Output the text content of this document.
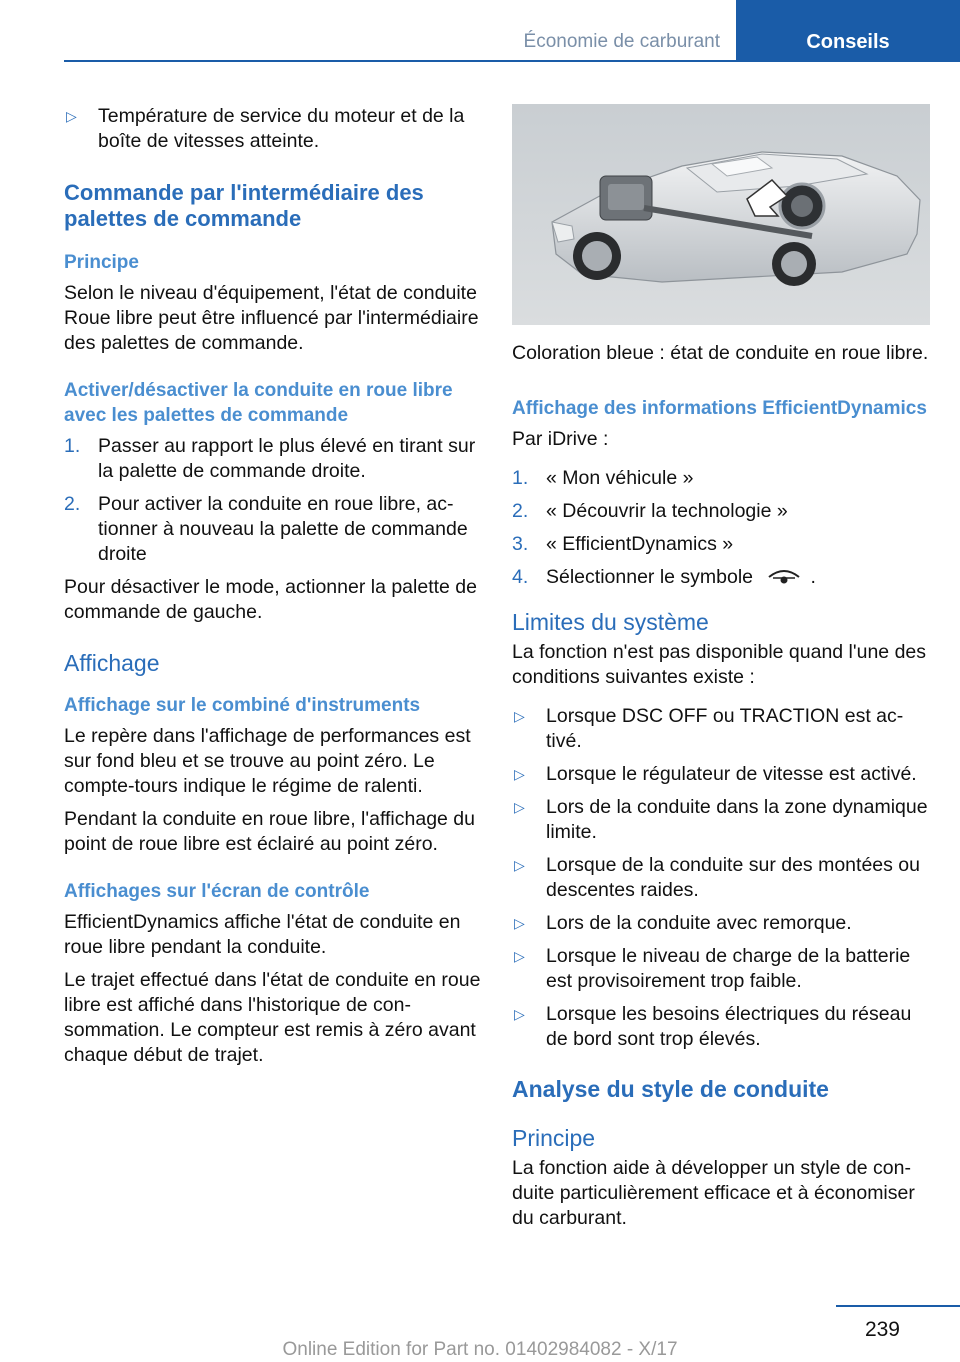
Économie de carburant	Conseils
▷ Température de service du moteur et de la boîte de vitesses atteinte.
Commande par l'intermédiaire des palettes de commande
Principe

Selon le niveau d'équipement, l'état de conduite Roue libre peut être influencé par l'intermédiaire des palettes de commande.

Activer/désactiver la conduite en roue libre avec les palettes de commande
1. Passer au rapport le plus élevé en tirant sur la palette de commande droite.
2. Pour activer la conduite en roue libre, actionner à nouveau la palette de commande droite

Pour désactiver le mode, actionner la palette de commande de gauche.

Affichage
Affichage sur le combiné d'instruments

Le repère dans l'affichage de performances est sur fond bleu et se trouve au point zéro. Le compte-tours indique le régime de ralenti.

Pendant la conduite en roue libre, l'affichage du point de roue libre est éclairé au point zéro.

Affichages sur l'écran de contrôle

EfficientDynamics affiche l'état de conduite en roue libre pendant la conduite.

Le trajet effectué dans l'état de conduite en roue libre est affiché dans l'historique de consommation. Le compteur est remis à zéro avant chaque début de trajet.

Coloration bleue : état de conduite en roue libre.

Affichage des informations EfficientDynamics

Par iDrive :

1. « Mon véhicule »
2. « Découvrir la technologie »
3. « EfficientDynamics »
4. Sélectionner le symbole	.
Limites du système

La fonction n'est pas disponible quand l'une des conditions suivantes existe :

▷ Lorsque DSC OFF ou TRACTION est activé.
▷ Lorsque le régulateur de vitesse est activé.
▷ Lors de la conduite dans la zone dynamique limite.
▷ Lorsque de la conduite sur des montées ou descentes raides.
▷ Lors de la conduite avec remorque.
▷ Lorsque le niveau de charge de la batterie est provisoirement trop faible.
▷ Lorsque les besoins électriques du réseau de bord sont trop élevés.
Analyse du style de conduite
Principe

La fonction aide à développer un style de conduite particulièrement efficace et à économiser du carburant.

239
Online Edition for Part no. 01402984082 - X/17
